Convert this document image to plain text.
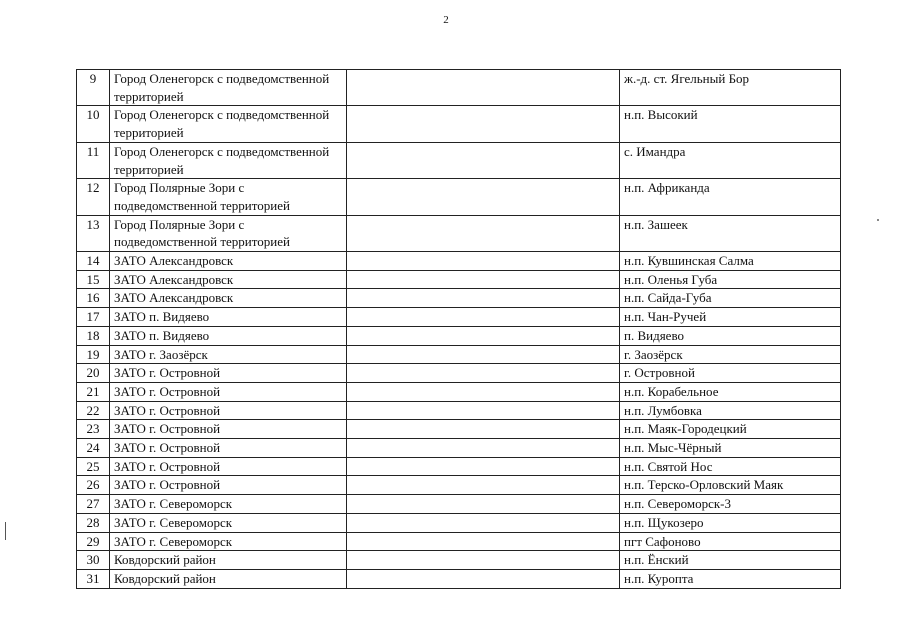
2
9	Город Оленегорск с подведомственной территорией		ж.-д. ст. Ягельный Бор
10	Город Оленегорск с подведомственной территорией		н.п. Высокий
11	Город Оленегорск с подведомственной территорией		с. Имандра
12	Город Полярные Зори с подведомственной территорией		н.п. Африканда
13	Город Полярные Зори с подведомственной территорией		н.п. Зашеек
14	ЗАТО Александровск		н.п. Кувшинская Салма
15	ЗАТО Александровск		н.п. Оленья Губа
16	ЗАТО Александровск		н.п. Сайда-Губа
17	ЗАТО п. Видяево		н.п. Чан-Ручей
18	ЗАТО п. Видяево		п. Видяево
19	ЗАТО г. Заозёрск		г. Заозёрск
20	ЗАТО г. Островной		г. Островной
21	ЗАТО г. Островной		н.п. Корабельное
22	ЗАТО г. Островной		н.п. Лумбовка
23	ЗАТО г. Островной		н.п. Маяк-Городецкий
24	ЗАТО г. Островной		н.п. Мыс-Чёрный
25	ЗАТО г. Островной		н.п. Святой Нос
26	ЗАТО г. Островной		н.п. Терско-Орловский Маяк
27	ЗАТО г. Североморск		н.п. Североморск-3
28	ЗАТО г. Североморск		н.п. Щукозеро
29	ЗАТО г. Североморск		пгт Сафоново
30	Ковдорский район		н.п. Ёнский
31	Ковдорский район		н.п. Куропта
